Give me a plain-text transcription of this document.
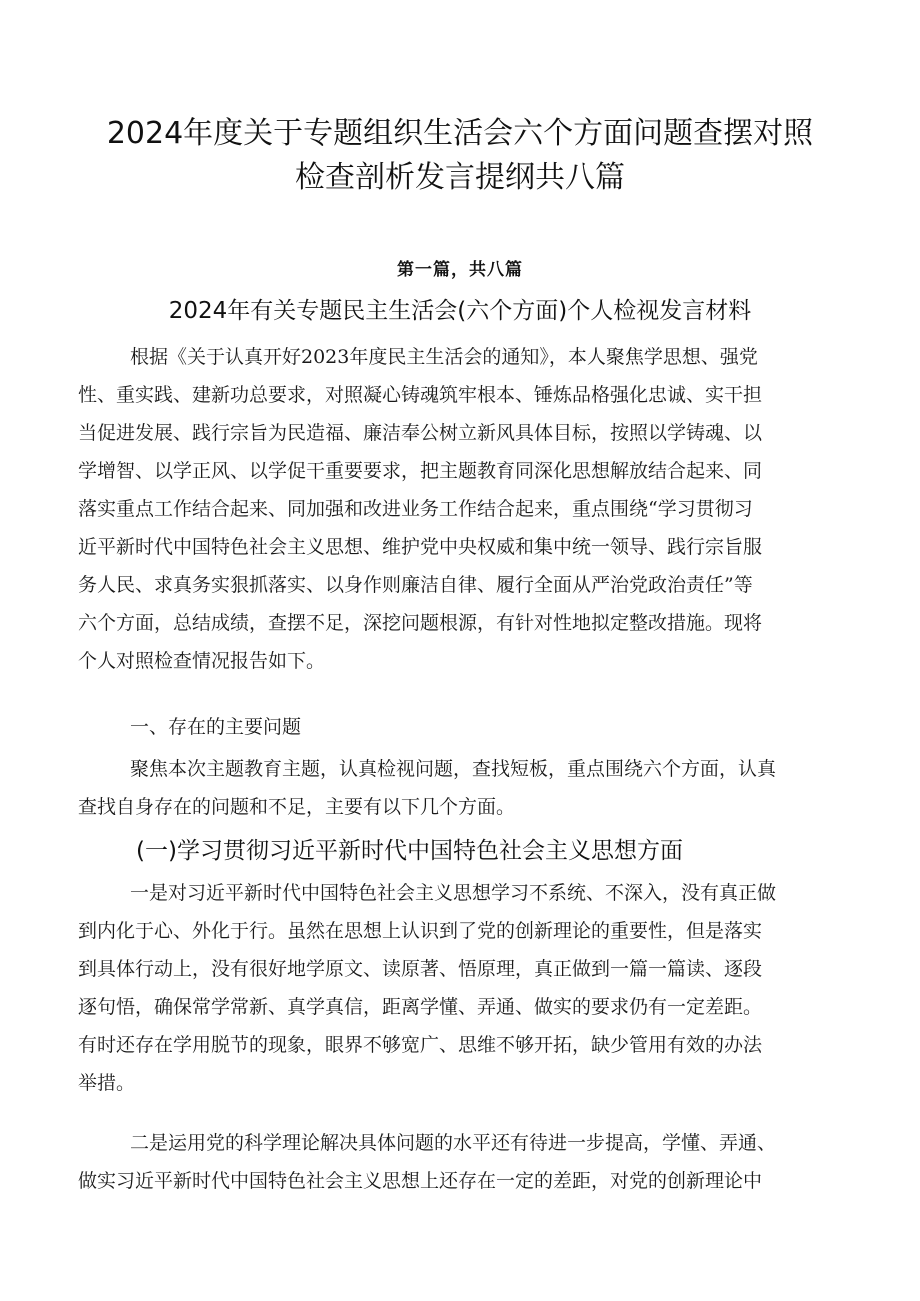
2024年度关于专题组织生活会六个方面问题查摆对照
检查剖析发言提纲共八篇
第一篇，共八篇
2024年有关专题民主生活会(六个方面)个人检视发言材料
根据《关于认真开好2023年度民主生活会的通知》，本人聚焦学思想、强党
性、重实践、建新功总要求，对照凝心铸魂筑牢根本、锤炼品格强化忠诚、实干担
当促进发展、践行宗旨为民造福、廉洁奉公树立新风具体目标，按照以学铸魂、以
学增智、以学正风、以学促干重要要求，把主题教育同深化思想解放结合起来、同
落实重点工作结合起来、同加强和改进业务工作结合起来，重点围绕“学习贯彻习
近平新时代中国特色社会主义思想、维护党中央权威和集中统一领导、践行宗旨服
务人民、求真务实狠抓落实、以身作则廉洁自律、履行全面从严治党政治责任”等
六个方面，总结成绩，查摆不足，深挖问题根源，有针对性地拟定整改措施。现将
个人对照检查情况报告如下。
一、存在的主要问题
聚焦本次主题教育主题，认真检视问题，查找短板，重点围绕六个方面，认真
查找自身存在的问题和不足，主要有以下几个方面。
(一)学习贯彻习近平新时代中国特色社会主义思想方面
一是对习近平新时代中国特色社会主义思想学习不系统、不深入，没有真正做
到内化于心、外化于行。虽然在思想上认识到了党的创新理论的重要性，但是落实
到具体行动上，没有很好地学原文、读原著、悟原理，真正做到一篇一篇读、逐段
逐句悟，确保常学常新、真学真信，距离学懂、弄通、做实的要求仍有一定差距。
有时还存在学用脱节的现象，眼界不够宽广、思维不够开拓，缺少管用有效的办法
举措。
二是运用党的科学理论解决具体问题的水平还有待进一步提高，学懂、弄通、
做实习近平新时代中国特色社会主义思想上还存在一定的差距，对党的创新理论中
